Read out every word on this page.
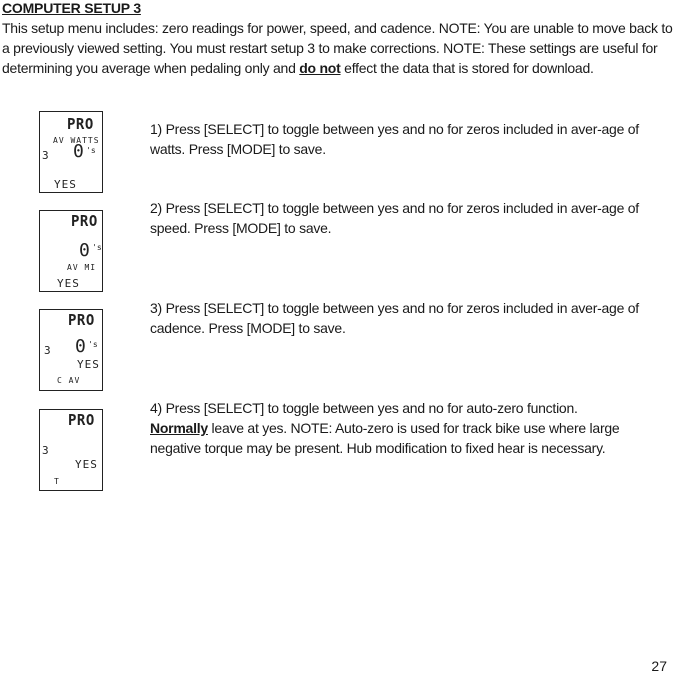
COMPUTER SETUP 3
This setup menu includes: zero readings for power, speed, and cadence. NOTE: You are unable to move back to a previously viewed setting. You must restart setup 3 to make corrections. NOTE: These settings are useful for determining you average when pedaling only and do not effect the data that is stored for download.
PRO
AV WATTS
3 0 's
YES
PRO
0 's
AV MI
YES
PRO
3 0 's
YES
C AV
PRO
3
YES
T
1) Press [SELECT] to toggle between yes and no for zeros included in aver-age of watts. Press [MODE] to save.
2) Press [SELECT] to toggle between yes and no for zeros included in aver-age of speed. Press [MODE] to save.
3) Press [SELECT] to toggle between yes and no for zeros included in aver-age of cadence. Press [MODE] to save.
4) Press [SELECT] to toggle between yes and no for auto-zero function.
Normally leave at yes. NOTE: Auto-zero is used for track bike use where large negative torque may be present. Hub modification to fixed hear is necessary.
27
